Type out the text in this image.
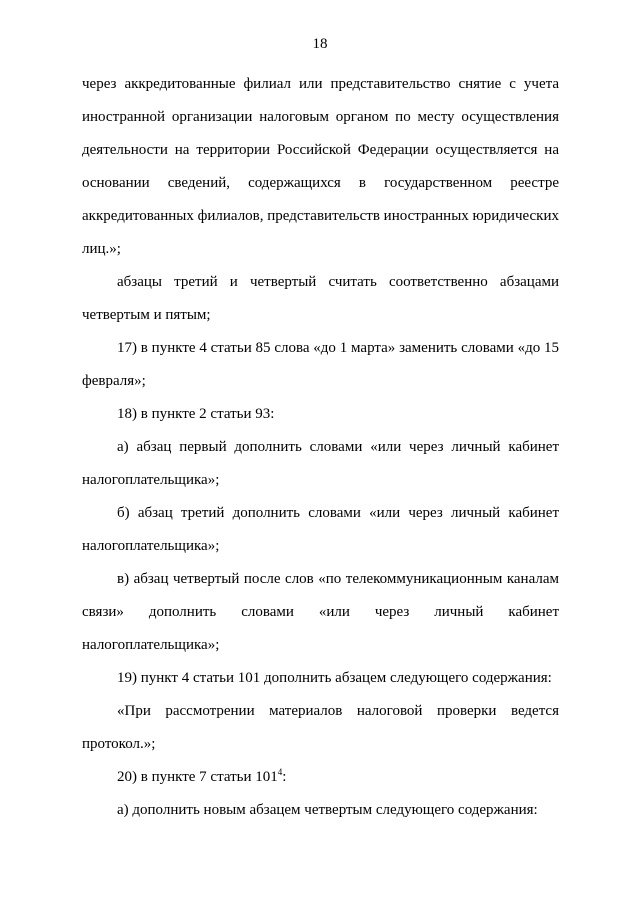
18

через аккредитованные филиал или представительство снятие с учета иностранной организации налоговым органом по месту осуществления деятельности на территории Российской Федерации осуществляется на основании сведений, содержащихся в государственном реестре аккредитованных филиалов, представительств иностранных юридических лиц.»;

абзацы третий и четвертый считать соответственно абзацами четвертым и пятым;

17) в пункте 4 статьи 85 слова «до 1 марта» заменить словами «до 15 февраля»;

18) в пункте 2 статьи 93:

а) абзац первый дополнить словами «или через личный кабинет налогоплательщика»;

б) абзац третий дополнить словами «или через личный кабинет налогоплательщика»;

в) абзац четвертый после слов «по телекоммуникационным каналам связи» дополнить словами «или через личный кабинет налогоплательщика»;

19) пункт 4 статьи 101 дополнить абзацем следующего содержания:

«При рассмотрении материалов налоговой проверки ведется протокол.»;

20) в пункте 7 статьи $101^4$:

а) дополнить новым абзацем четвертым следующего содержания:
